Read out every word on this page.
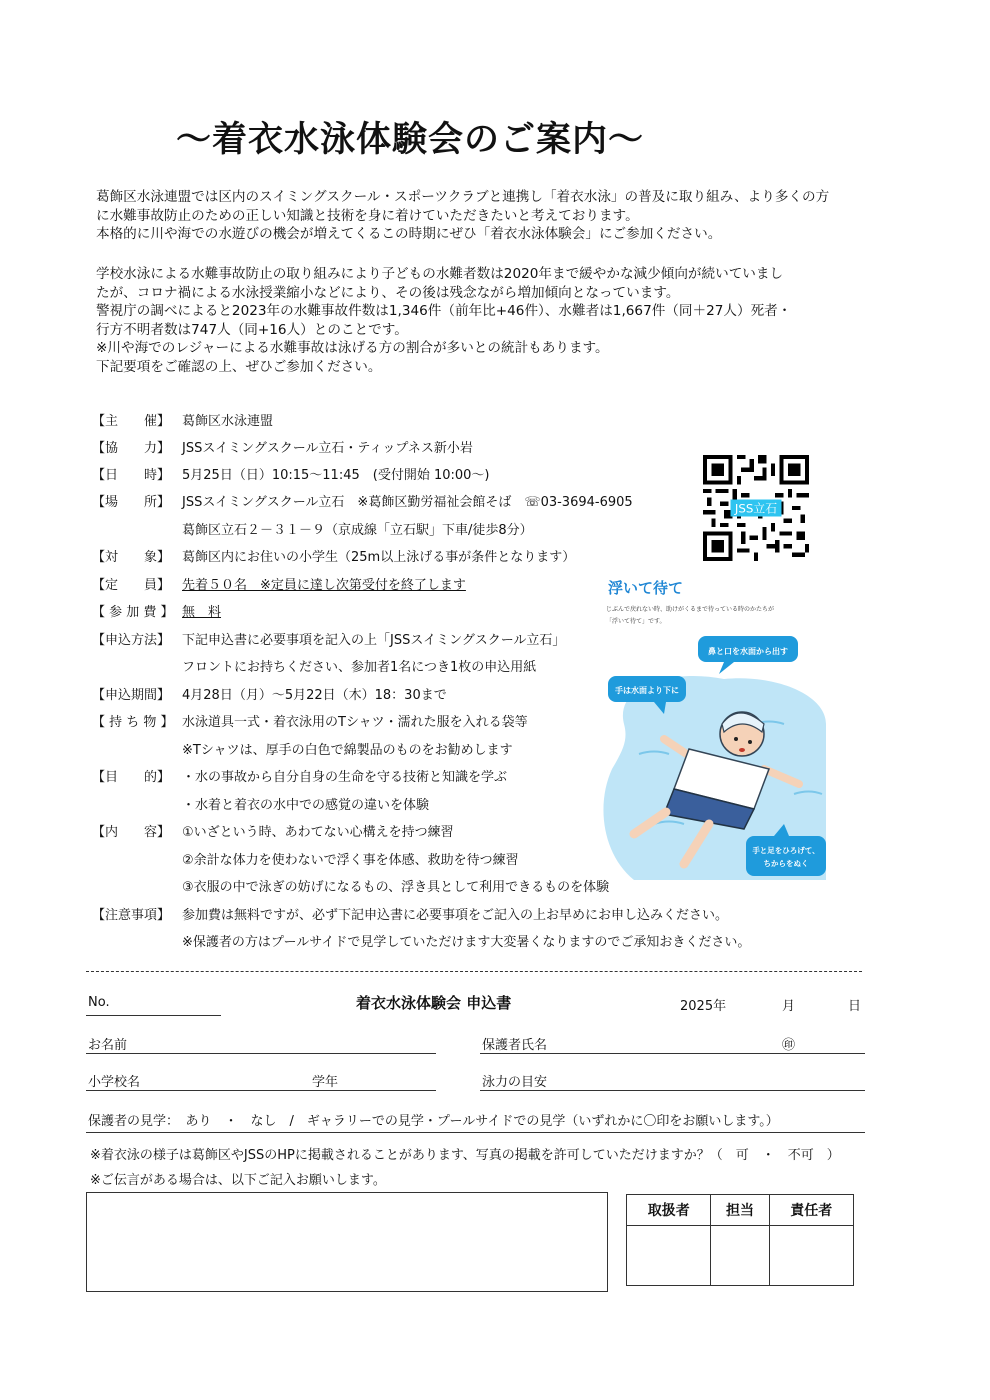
～着衣水泳体験会のご案内～

葛飾区水泳連盟では区内のスイミングスクール・スポーツクラブと連携し「着衣水泳」の普及に取り組み、より多くの方

に水難事故防止のための正しい知識と技術を身に着けていただきたいと考えております。

本格的に川や海での水遊びの機会が増えてくるこの時期にぜひ「着衣水泳体験会」にご参加ください。

学校水泳による水難事故防止の取り組みにより子どもの水難者数は2020年まで緩やかな減少傾向が続いていまし

たが、コロナ禍による水泳授業縮小などにより、その後は残念ながら増加傾向となっています。

警視庁の調べによると2023年の水難事故件数は1,346件（前年比+46件）、水難者は1,667件（同＋27人）死者・

行方不明者数は747人（同+16人）とのことです。

※川や海でのレジャーによる水難事故は泳げる方の割合が多いとの統計もあります。

下記要項をご確認の上、ぜひご参加ください。

【主　　催】 葛飾区水泳連盟
【協　　力】 JSSスイミングスクール立石・ティップネス新小岩
【日　　時】5月25日（日）10:15～11:45　(受付開始 10:00～)
【場　　所】 JSSスイミングスクール立石　※葛飾区勤労福祉会館そば　☏03-3694-6905
葛飾区立石２－３１－９（京成線「立石駅」下車/徒歩8分）
【対　　象】 葛飾区内にお住いの小学生（25m以上泳げる事が条件となります）
【定　　員】 先着５０名　※定員に達し次第受付を終了します
【 参 加 費 】 無　料
【申込方法】 下記申込書に必要事項を記入の上「JSSスイミングスクール立石」
フロントにお持ちください、参加者1名につき1枚の申込用紙
【申込期間】 4月28日（月）～5月22日（木）18：30まで
【 持 ち 物 】 水泳道具一式・着衣泳用のTシャツ・濡れた服を入れる袋等
※Tシャツは、厚手の白色で綿製品のものをお勧めします
【目　　的】 ・水の事故から自分自身の生命を守る技術と知識を学ぶ
・水着と着衣の水中での感覚の違いを体験
【内　　容】 ①いざという時、あわてない心構えを持つ練習
②余計な体力を使わないで浮く事を体感、救助を待つ練習
③衣服の中で泳ぎの妨げになるもの、浮き具として利用できるものを体験
【注意事項】 参加費は無料ですが、必ず下記申込書に必要事項をご記入の上お早めにお申し込みください。
※保護者の方はプールサイドで見学していただけます大変暑くなりますのでご承知おきください。
JSS立石
浮いて待て
じぶんで戻れない時、助けがくるまで待っている時のかたちが
「浮いて待て」です。
鼻と口を水面から出す
手は水面より下に
手と足をひろげて、
ちからをぬく
No.	着衣水泳体験会 申込書	2025年	月	日
お名前	保護者氏名	㊞
小学校名	学年	泳力の目安
保護者の見学：　あり　・　なし　/　ギャラリーでの見学・プールサイドでの見学（いずれかに〇印をお願いします。）
※着衣泳の様子は葛飾区やJSSのHPに掲載されることがあります、写真の掲載を許可していただけますか？（　可　・　不可　）
※ご伝言がある場合は、以下ご記入お願いします。
取扱者	担当	責任者
